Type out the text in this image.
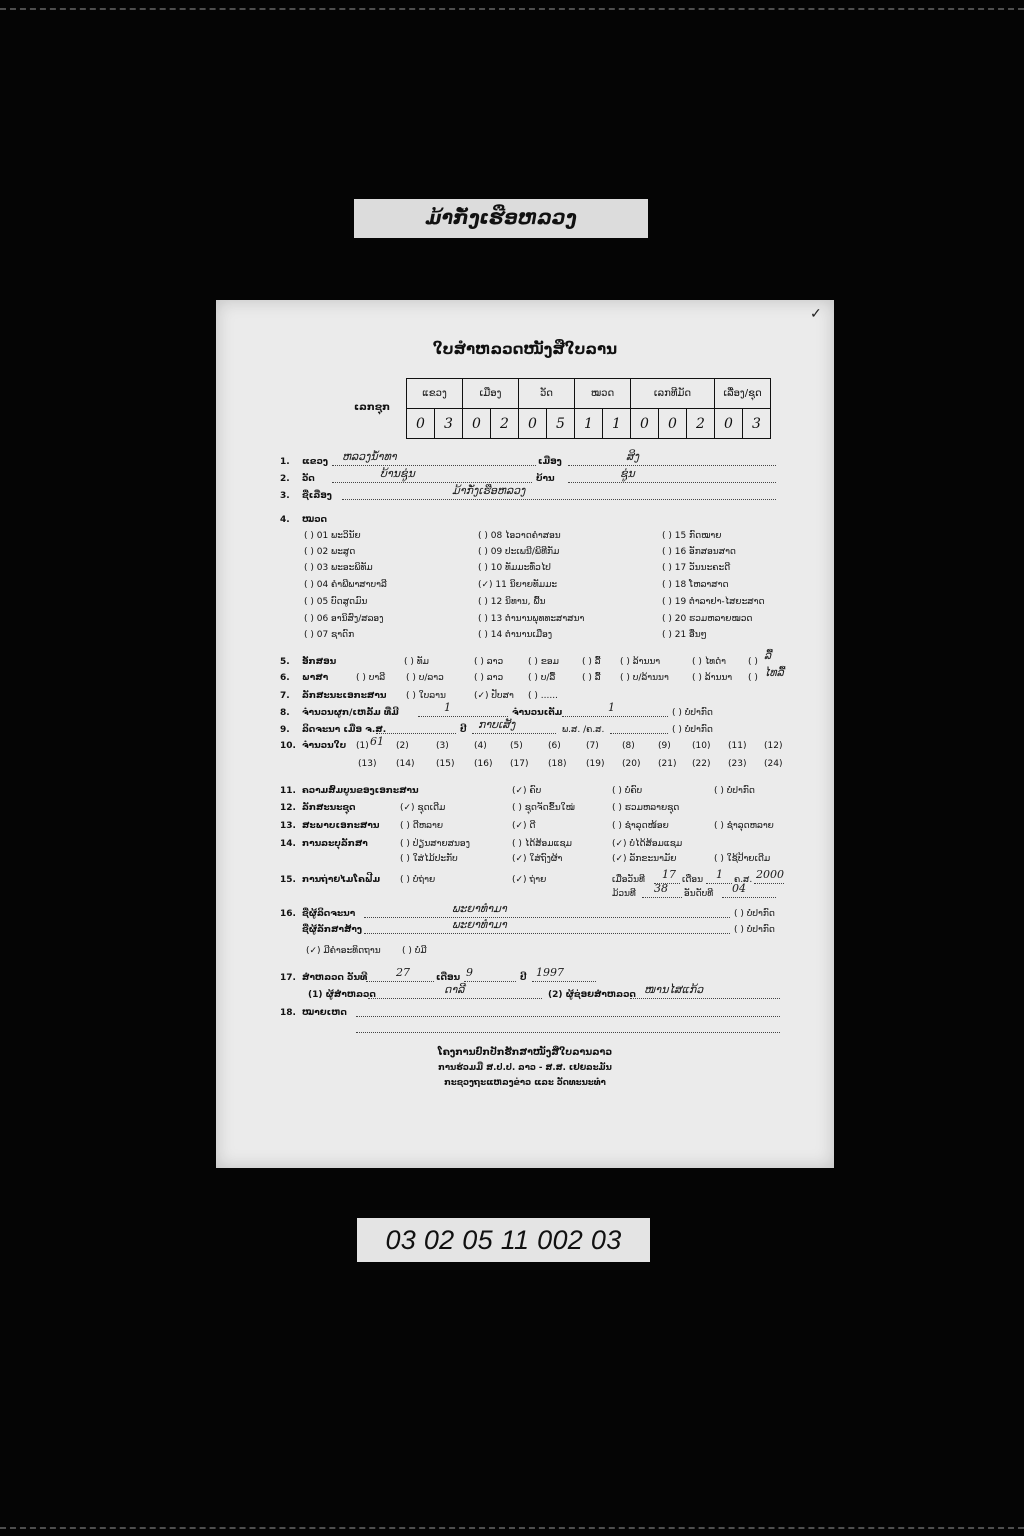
ມ້າກັ່ງເຮືອຫລວງ
✓
ໃບສຳຫລວດໜັງສືໃບລານ
ເລກຊຸກ
ແຂວງ		ເມືອງ		ວັດ		ໝວດ		ເລກທີມັດ			ເລື່ອງ/ຊຸດ	
0	3	0	2	0	5	1	1	0	0	2	0	3
1. ແຂວງ ຫລວງນ້ຳທາ	ເມືອງ	ສິງ
2. ວັດ	ບ້ານຊູ່ນ	ບ້ານ	ຊູ່ນ
3. ຊື່ເລື່ອງ	ມ້າກັ່ງເຮືອຫລວງ
4. ໝວດ
( ) 01 ພະວິນັຍ
( ) 02 ພະສູດ
( ) 03 ພະອະພິທັມ
( ) 04 ຄຳພີພາສາບາລີ
( ) 05 ບົດສູດມົນ
( ) 06 ອານິສົງ/ສລອງ
( ) 07 ຊາດົກ
( ) 08 ໄອວາດຄຳສອນ
( ) 09 ປະເພນີ/ພິທີກັມ
( ) 10 ທັມມະທົ່ວໄປ
(✓) 11 ນິຍາຍທັມມະ
( ) 12 ນິທານ, ພື້ນ
( ) 13 ຕຳນານພຸທທະສາສນາ
( ) 14 ຕຳນານເມືອງ
( ) 15 ກົດໝາຍ
( ) 16 ອັກສອນສາດ
( ) 17 ວັນນະຄະດີ
( ) 18 ໂຫລາສາດ
( ) 19 ຕຳລາຢາ-ໄສຍະສາດ
( ) 20 ຮວມຫລາຍໝວດ
( ) 21 ອື່ນໆ
5. ອັກສອນ	( ) ທັມ	( ) ລາວ	( ) ຂອມ	( ) ລື້ ( ) ລ້ານນາ	( ) ໄທດຳ ( ) ລື້
6. ພາສາ	( ) ບາລີ ( ) ບ/ລາວ	( ) ລາວ	( ) ບ/ລື້	( ) ລື້ ( ) ບ/ລ້ານນາ	( ) ລ້ານນາ ( ) ໄທລື້
7. ລັກສະນະເອກະສານ ( ) ໃບລານ	(✓) ປັບສາ ( ) ......
8. ຈຳນວນຜູກ/ເຫລັ້ມ ທີ່ມີ	1	ຈຳນວນເຕັມ	1	( ) ບໍ່ປາກົດ
9. ລິດຈະນາ ເມື່ອ ຈ.ສ.	ປີ ກາບເສັງ	ພ.ສ. /ຄ.ສ.	( ) ບໍ່ປາກົດ
10. ຈຳນວນໃບ (1) 61 (2)	(3)	(4)	(5)	(6)	(7)	(8)	(9) (10) (11) (12)
(13) (14) (15) (16) (17) (18) (19) (20) (21) (22) (23) (24)
11. ຄວາມສົມບູນຂອງເອກະສານ	(✓) ຄົບ	( ) ບໍ່ຄົບ	( ) ບໍ່ປາກົດ
12. ລັກສະນະຊຸດ	(✓) ຊຸດເດີມ	( ) ຊຸດຈັດຂຶ້ນໃໝ່	( ) ຮວມຫລາຍຊຸດ
13. ສະພາບເອກະສານ ( ) ດີຫລາຍ	(✓) ດີ	( ) ຊຳລຸດໜ້ອຍ	( ) ຊຳລຸດຫລາຍ
14. ການລະບຸລັກສາ	( ) ປ່ຽນສາຍສນອງ	( ) ໄດ້ສ້ອມແຊມ	(✓) ບໍ່ໄດ້ສ້ອມແຊມ
( ) ໃສ່ໄມ້ປະກັບ	(✓) ໃສ່ຖົງຜ້າ	(✓) ລັກຂະນາມັຍ	( ) ໃຊ້ປ້າຍເດີມ
15. ການຖ່າຍໄມໂຄຟີມ ( ) ບໍ່ຖ່າຍ	(✓) ຖ່າຍ	ເມື່ອວັນທີ 17 ເດືອນ 1 ຄ.ສ. 2000
ມ້ວນທີ 38 ອັນດັບທີ 04
16. ຊື່ຜູ້ລິດຈະນາ	ພະຍາທຳມາ	( ) ບໍ່ປາກົດ
ຊື່ຜູ້ລັກສາສ້າງ	ພະຍາທຳມາ	( ) ບໍ່ປາກົດ
(✓) ມີຄຳອະທິດຖານ ( ) ບໍ່ມີ
17. ສຳຫລວດ ວັນທີ	27	ເດືອນ 9	ປີ 1997
(1) ຜູ້ສຳຫລວດ	ດາລີ	(2) ຜູ້ຊ່ອຍສຳຫລວດ ໜານໄສແກ້ວ
18. ໝາຍເຫດ
ໂຄງການປົກປັກຮັກສາໜັງສືໃບລານລາວ
ການຮ່ວມມື ສ.ປ.ປ. ລາວ - ສ.ສ. ເຢຍລະມັນ
ກະຊວງຖະແຫລງຂ່າວ ແລະ ວັດທະນະທຳ
03 02 05 11 002 03
